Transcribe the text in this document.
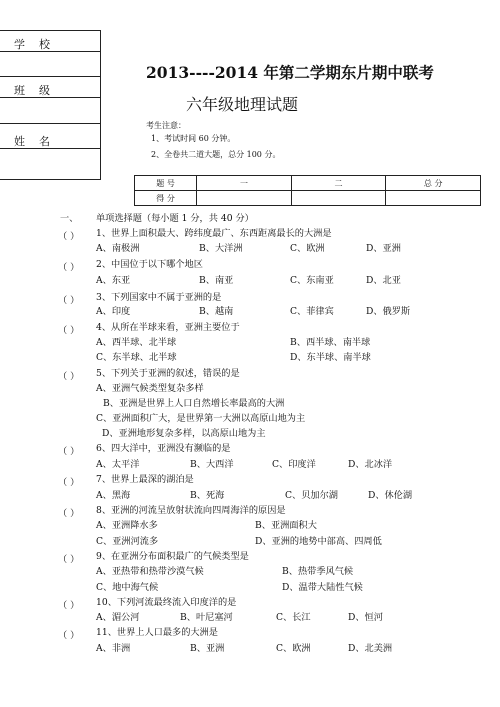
学校
班级
姓名
2013----2014 年第二学期东片期中联考
六年级地理试题
考生注意：
1、考试时间 60 分钟。
2、全卷共二道大题，总分 100 分。
题 号	一	二	总 分
得 分			
一、 单项选择题（每小题 1 分，共 40 分）
（ ） 1、世界上面积最大、跨纬度最广、东西距离最长的大洲是
A、南极洲	B、大洋洲	C、欧洲	D、亚洲
（ ） 2、中国位于以下哪个地区
A、东亚	B、南亚	C、东南亚	D、北亚
（ ） 3、下列国家中不属于亚洲的是
A、印度	B、越南	C、菲律宾	D、俄罗斯
（ ） 4、从所在半球来看，亚洲主要位于
A、西半球、北半球	B、西半球、南半球
C、东半球、北半球	D、东半球、南半球
（ ） 5、下列关于亚洲的叙述，错误的是
A、亚洲气候类型复杂多样
B、亚洲是世界上人口自然增长率最高的大洲
C、亚洲面积广大，是世界第一大洲以高原山地为主
D、亚洲地形复杂多样，以高原山地为主
（ ） 6、四大洋中，亚洲没有濒临的是
A、太平洋	B、大西洋	C、印度洋	D、北冰洋
（ ） 7、世界上最深的湖泊是
A、黑海	B、死海	C、贝加尔湖	D、休伦湖
（ ） 8、亚洲的河流呈放射状流向四周海洋的原因是
A、亚洲降水多	B、亚洲面积大
C、亚洲河流多	D、亚洲的地势中部高、四周低
（ ） 9、在亚洲分布面积最广的气候类型是
A、亚热带和热带沙漠气候	B、热带季风气候
C、地中海气候	D、温带大陆性气候
（ ） 10、下列河流最终流入印度洋的是
A、湄公河	B、叶尼塞河	C、长江	D、恒河
（ ） 11、世界上人口最多的大洲是
A、非洲	B、亚洲	C、欧洲	D、北美洲
